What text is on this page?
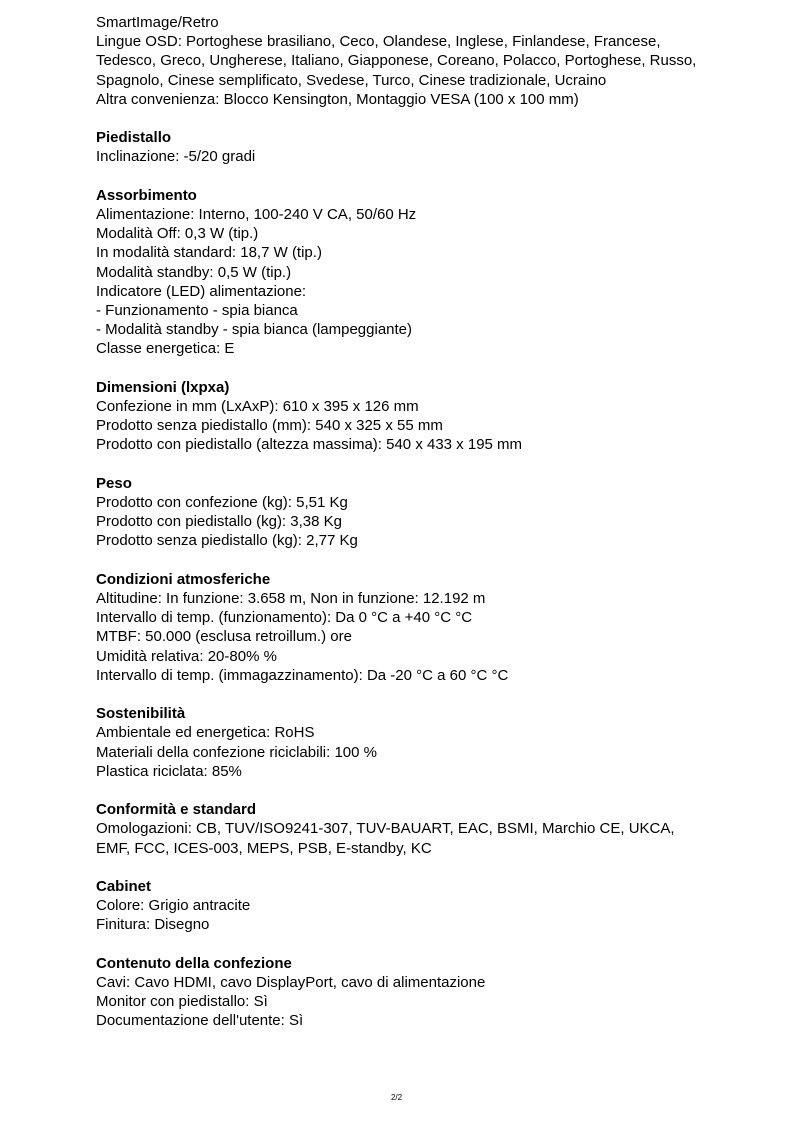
SmartImage/Retro
Lingue OSD: Portoghese brasiliano, Ceco, Olandese, Inglese, Finlandese, Francese,
Tedesco, Greco, Ungherese, Italiano, Giapponese, Coreano, Polacco, Portoghese, Russo,
Spagnolo, Cinese semplificato, Svedese, Turco, Cinese tradizionale, Ucraino
Altra convenienza: Blocco Kensington, Montaggio VESA (100 x 100 mm)
Piedistallo
Inclinazione: -5/20 gradi
Assorbimento
Alimentazione: Interno, 100-240 V CA, 50/60 Hz
Modalità Off: 0,3 W (tip.)
In modalità standard: 18,7 W (tip.)
Modalità standby: 0,5 W (tip.)
Indicatore (LED) alimentazione:
- Funzionamento - spia bianca
- Modalità standby - spia bianca (lampeggiante)
Classe energetica: E
Dimensioni (lxpxa)
Confezione in mm (LxAxP): 610 x 395 x 126 mm
Prodotto senza piedistallo (mm): 540 x 325 x 55 mm
Prodotto con piedistallo (altezza massima): 540 x 433 x 195 mm
Peso
Prodotto con confezione (kg): 5,51 Kg
Prodotto con piedistallo (kg): 3,38 Kg
Prodotto senza piedistallo (kg): 2,77 Kg
Condizioni atmosferiche
Altitudine: In funzione: 3.658 m, Non in funzione: 12.192 m
Intervallo di temp. (funzionamento): Da 0 °C a +40 °C °C
MTBF: 50.000 (esclusa retroillum.) ore
Umidità relativa: 20-80% %
Intervallo di temp. (immagazzinamento): Da -20 °C a 60 °C °C
Sostenibilità
Ambientale ed energetica: RoHS
Materiali della confezione riciclabili: 100 %
Plastica riciclata: 85%
Conformità e standard
Omologazioni: CB, TUV/ISO9241-307, TUV-BAUART, EAC, BSMI, Marchio CE, UKCA,
EMF, FCC, ICES-003, MEPS, PSB, E-standby, KC
Cabinet
Colore: Grigio antracite
Finitura: Disegno
Contenuto della confezione
Cavi: Cavo HDMI, cavo DisplayPort, cavo di alimentazione
Monitor con piedistallo: Sì
Documentazione dell'utente: Sì
2/2
